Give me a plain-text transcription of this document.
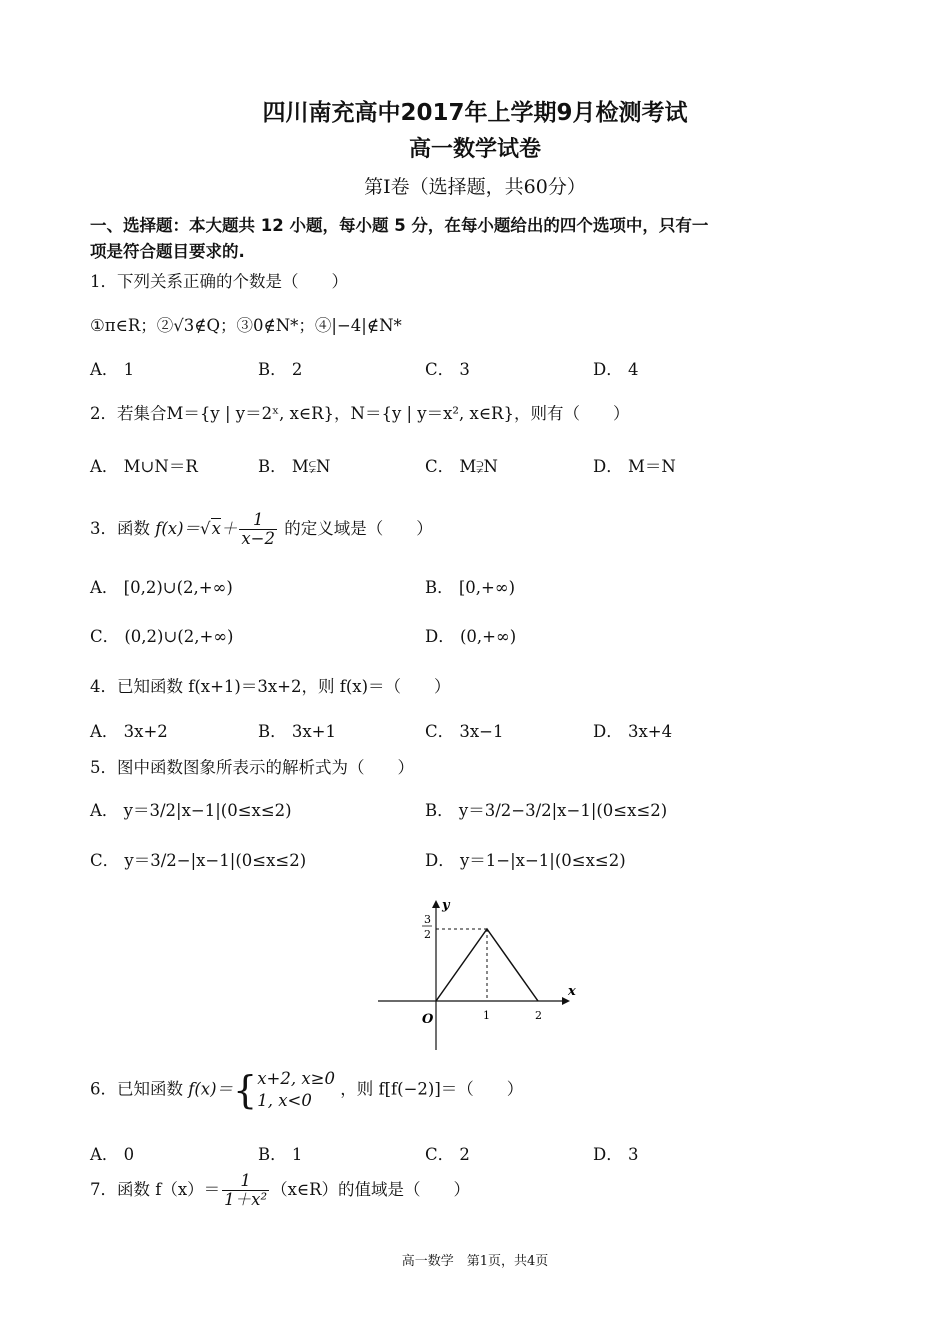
四川南充高中2017年上学期9月检测考试
高一数学试卷
第Ⅰ卷（选择题，共60分）
一、选择题：本大题共 12 小题，每小题 5 分，在每小题给出的四个选项中，只有一
项是符合题目要求的.
1．下列关系正确的个数是（　　）
①π∈R；②√3∉Q；③0∉N*；④|−4|∉N*
A． 1	B． 2	C． 3	D． 4
2．若集合M＝{y | y＝2ˣ, x∈R}，N＝{y | y＝x², x∈R}，则有（　　）
A． M∪N＝R	B． M⫋N	C． M⫌N	D． M＝N
3．函数 $f(x)=√x+ \frac{1}{x-2}$ 的定义域是（　　）
A． [0,2)∪(2,+∞)	B． [0,+∞)
C． (0,2)∪(2,+∞)	D． (0,+∞)
4．已知函数 f(x+1)＝3x+2，则 f(x)＝（　　）
A． 3x+2	B． 3x+1	C． 3x−1	D． 3x+4
5．图中函数图象所表示的解析式为（　　）
A． y＝3/2|x−1|(0≤x≤2)	B． y＝3/2−3/2|x−1|(0≤x≤2)
C． y＝3/2−|x−1|(0≤x≤2)	D． y＝1−|x−1|(0≤x≤2)
x
y
O	1	2
3
2
6．已知函数 f(x)＝{ x+2, x≥0
1, x<0
，则 f[f(−2)]＝（　　）
A． 0	B． 1	C． 2	D． 3
7．函数 $f(x)= \frac{1}{\text{1＋x²}}$ （x∈R）的值域是（　　）
高一数学　第1页，共4页
